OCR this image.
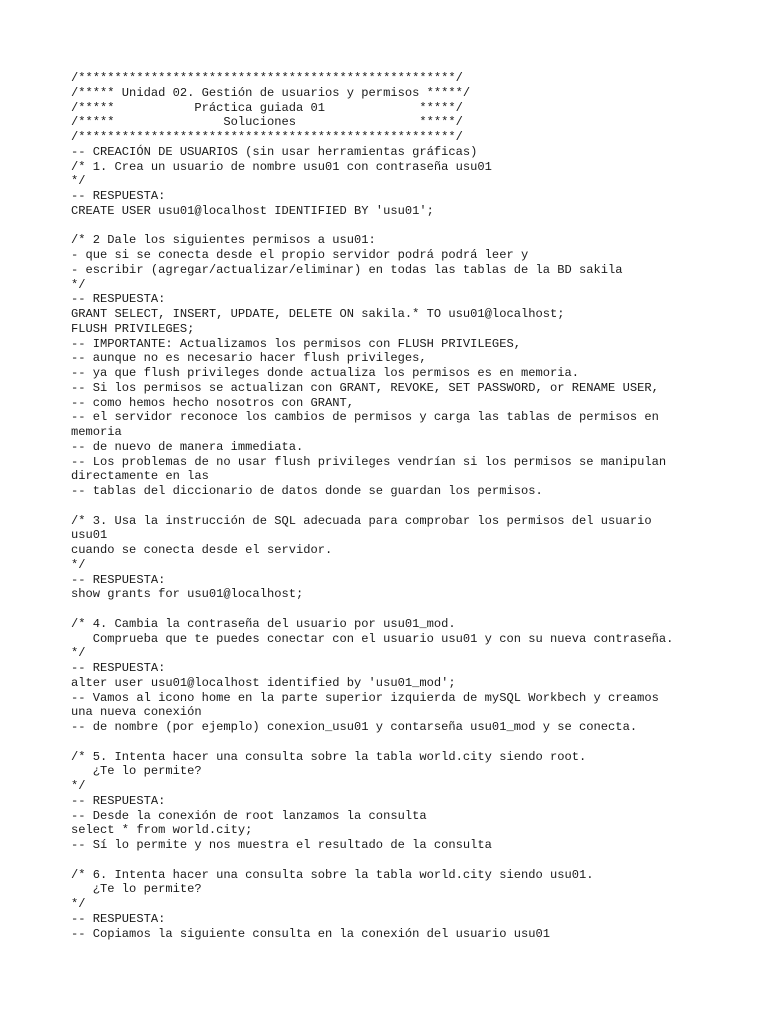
/****************************************************/
/***** Unidad 02. Gestión de usuarios y permisos *****/
/*****           Práctica guiada 01             *****/
/*****               Soluciones                 *****/
/****************************************************/
-- CREACIÓN DE USUARIOS (sin usar herramientas gráficas)
/* 1. Crea un usuario de nombre usu01 con contraseña usu01
*/
-- RESPUESTA:
CREATE USER usu01@localhost IDENTIFIED BY 'usu01';
/* 2 Dale los siguientes permisos a usu01:
- que si se conecta desde el propio servidor podrá podrá leer y
- escribir (agregar/actualizar/eliminar) en todas las tablas de la BD sakila
*/
-- RESPUESTA:
GRANT SELECT, INSERT, UPDATE, DELETE ON sakila.* TO usu01@localhost;
FLUSH PRIVILEGES;
-- IMPORTANTE: Actualizamos los permisos con FLUSH PRIVILEGES,
-- aunque no es necesario hacer flush privileges,
-- ya que flush privileges donde actualiza los permisos es en memoria.
-- Si los permisos se actualizan con GRANT, REVOKE, SET PASSWORD, or RENAME USER,
-- como hemos hecho nosotros con GRANT,
-- el servidor reconoce los cambios de permisos y carga las tablas de permisos en
memoria
-- de nuevo de manera immediata.
-- Los problemas de no usar flush privileges vendrían si los permisos se manipulan
directamente en las
-- tablas del diccionario de datos donde se guardan los permisos.
/* 3. Usa la instrucción de SQL adecuada para comprobar los permisos del usuario
usu01
cuando se conecta desde el servidor.
*/
-- RESPUESTA:
show grants for usu01@localhost;
/* 4. Cambia la contraseña del usuario por usu01_mod.
Comprueba que te puedes conectar con el usuario usu01 y con su nueva contraseña.
*/
-- RESPUESTA:
alter user usu01@localhost identified by 'usu01_mod';
-- Vamos al icono home en la parte superior izquierda de mySQL Workbech y creamos
una nueva conexión
-- de nombre (por ejemplo) conexion_usu01 y contarseña usu01_mod y se conecta.
/* 5. Intenta hacer una consulta sobre la tabla world.city siendo root.
¿Te lo permite?
*/
-- RESPUESTA:
-- Desde la conexión de root lanzamos la consulta
select * from world.city;
-- Sí lo permite y nos muestra el resultado de la consulta
/* 6. Intenta hacer una consulta sobre la tabla world.city siendo usu01.
¿Te lo permite?
*/
-- RESPUESTA:
-- Copiamos la siguiente consulta en la conexión del usuario usu01
